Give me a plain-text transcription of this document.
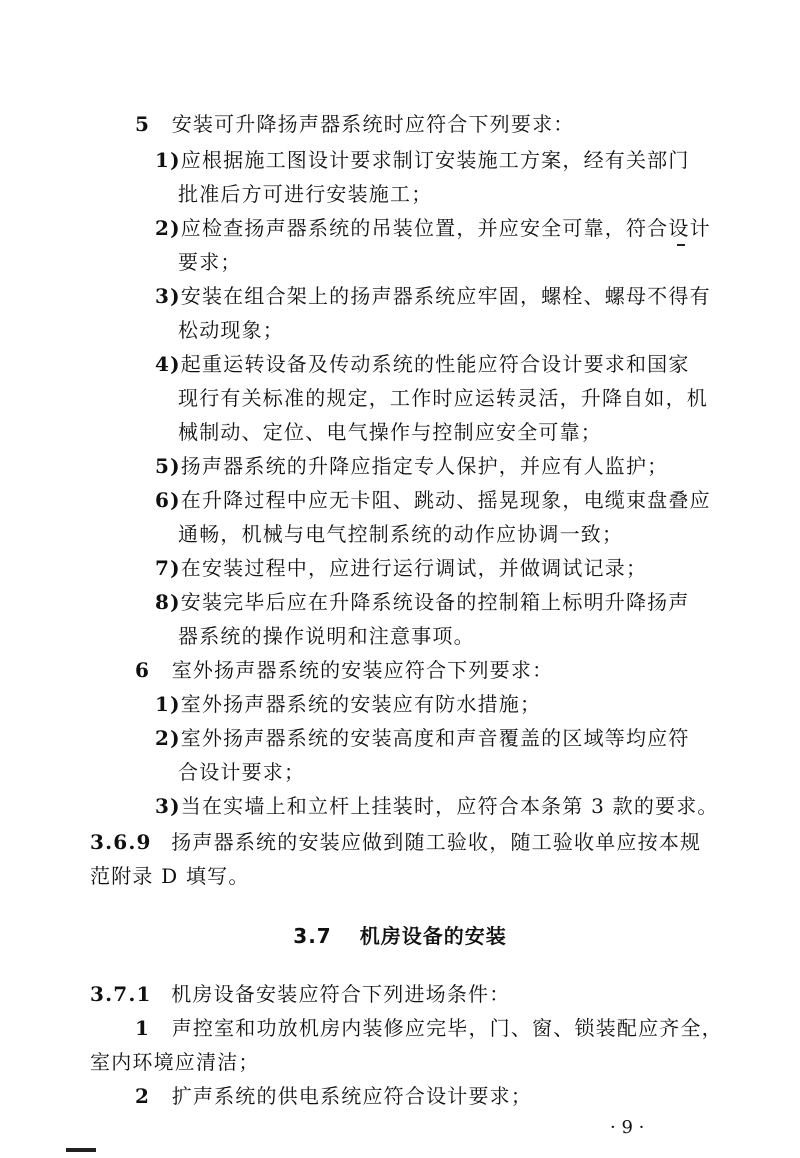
5 安装可升降扬声器系统时应符合下列要求：
1)应根据施工图设计要求制订安装施工方案，经有关部门
批准后方可进行安装施工；
2)应检查扬声器系统的吊装位置，并应安全可靠，符合设计
要求；
3)安装在组合架上的扬声器系统应牢固，螺栓、螺母不得有
松动现象；
4)起重运转设备及传动系统的性能应符合设计要求和国家
现行有关标准的规定，工作时应运转灵活，升降自如，机
械制动、定位、电气操作与控制应安全可靠；
5)扬声器系统的升降应指定专人保护，并应有人监护；
6)在升降过程中应无卡阻、跳动、摇晃现象，电缆束盘叠应
通畅，机械与电气控制系统的动作应协调一致；
7)在安装过程中，应进行运行调试，并做调试记录；
8)安装完毕后应在升降系统设备的控制箱上标明升降扬声
器系统的操作说明和注意事项。
6 室外扬声器系统的安装应符合下列要求：
1)室外扬声器系统的安装应有防水措施；
2)室外扬声器系统的安装高度和声音覆盖的区域等均应符
合设计要求；
3)当在实墙上和立杆上挂装时，应符合本条第 3 款的要求。
3.6.9 扬声器系统的安装应做到随工验收，随工验收单应按本规
范附录 D 填写。
3.7 机房设备的安装
3.7.1 机房设备安装应符合下列进场条件：
1 声控室和功放机房内装修应完毕，门、窗、锁装配应齐全，
室内环境应清洁；
2 扩声系统的供电系统应符合设计要求；
· 9 ·
